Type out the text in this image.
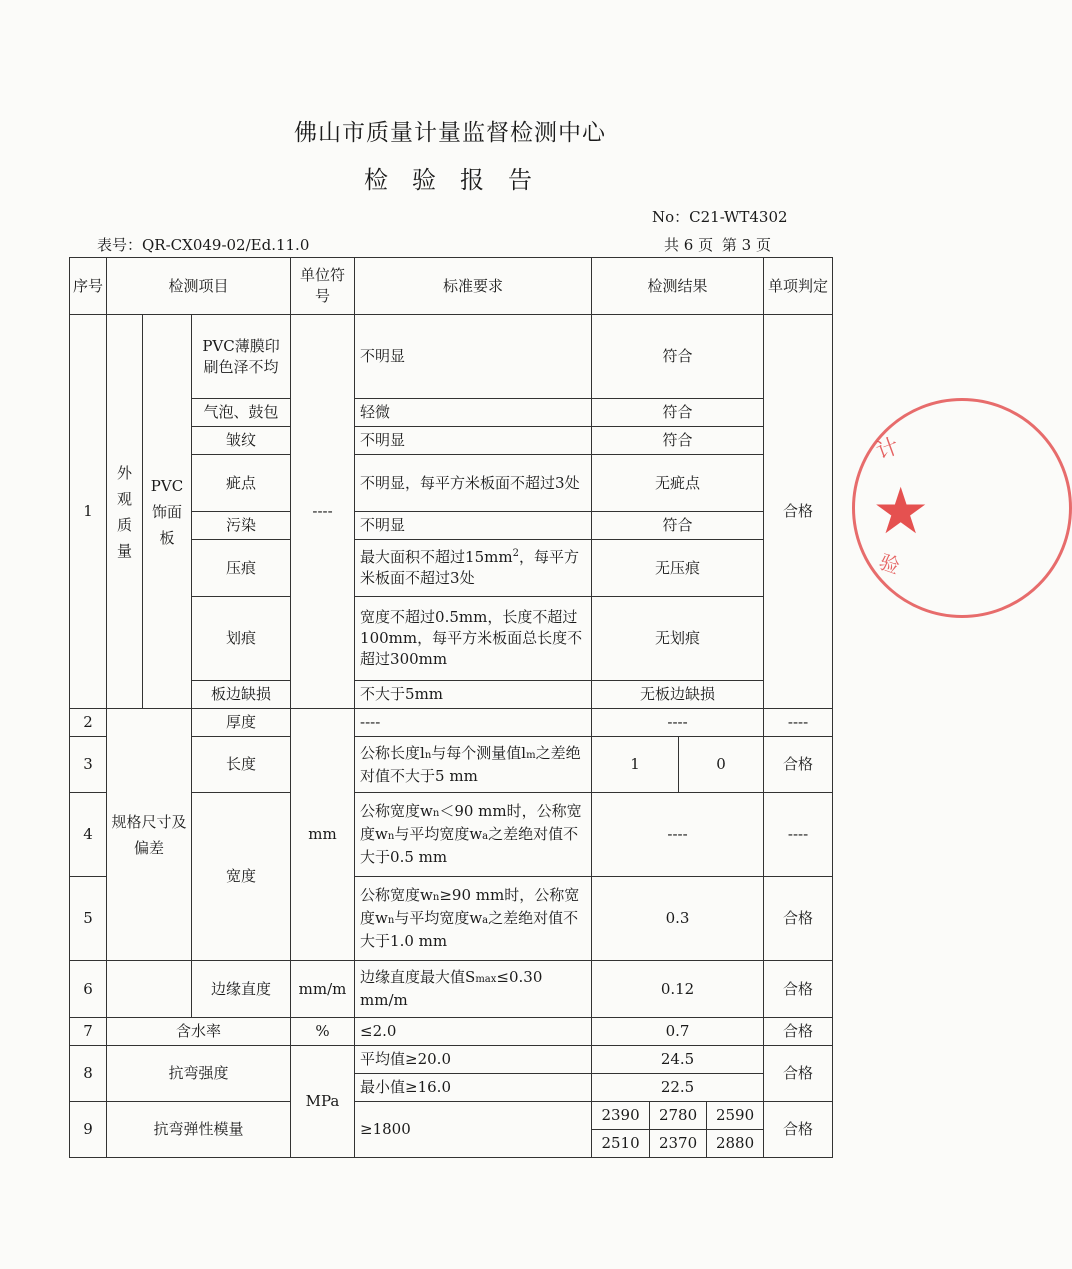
佛山市质量计量监督检测中心
检验报告
No：C21-WT4302
表号：QR-CX049-02/Ed.11.0	共 6 页 第 3 页
序号	检测项目			单位符号	标准要求	检测结果				单项判定
1	外观质量	PVC饰面板	PVC薄膜印刷色泽不均	----	不明显	符合				合格
			气泡、鼓包		轻微	符合				
			皱纹		不明显	符合				
			疵点		不明显，每平方米板面不超过3处	无疵点				
			污染		不明显	符合				
			压痕		最大面积不超过$15mm^2$，每平方米板面不超过3处	无压痕				
			划痕		宽度不超过0.5mm，长度不超过100mm，每平方米板面总长度不超过300mm	无划痕				
			板边缺损		不大于5mm	无板边缺损				
2	规格尺寸及偏差		厚度	mm	----	----				----
3			长度		公称长度ln与每个测量值lm之差绝对值不大于5 mm	1		0		合格
4			宽度		公称宽度wn＜90 mm时，公称宽度wn与平均宽度wa之差绝对值不大于0.5 mm	----				----
5					公称宽度wn≥90 mm时，公称宽度wn与平均宽度wa之差绝对值不大于1.0 mm	0.3				合格
6			边缘直度	mm/m	边缘直度最大值Smax≤0.30 mm/m	0.12				合格
7	含水率			%	≤2.0	0.7				合格
8	抗弯强度			MPa	平均值≥20.0	24.5				合格
					最小值≥16.0	22.5				
9	抗弯弹性模量				≥1800	2390	2780		2590	合格
						2510	2370		2880	
计
★
验
